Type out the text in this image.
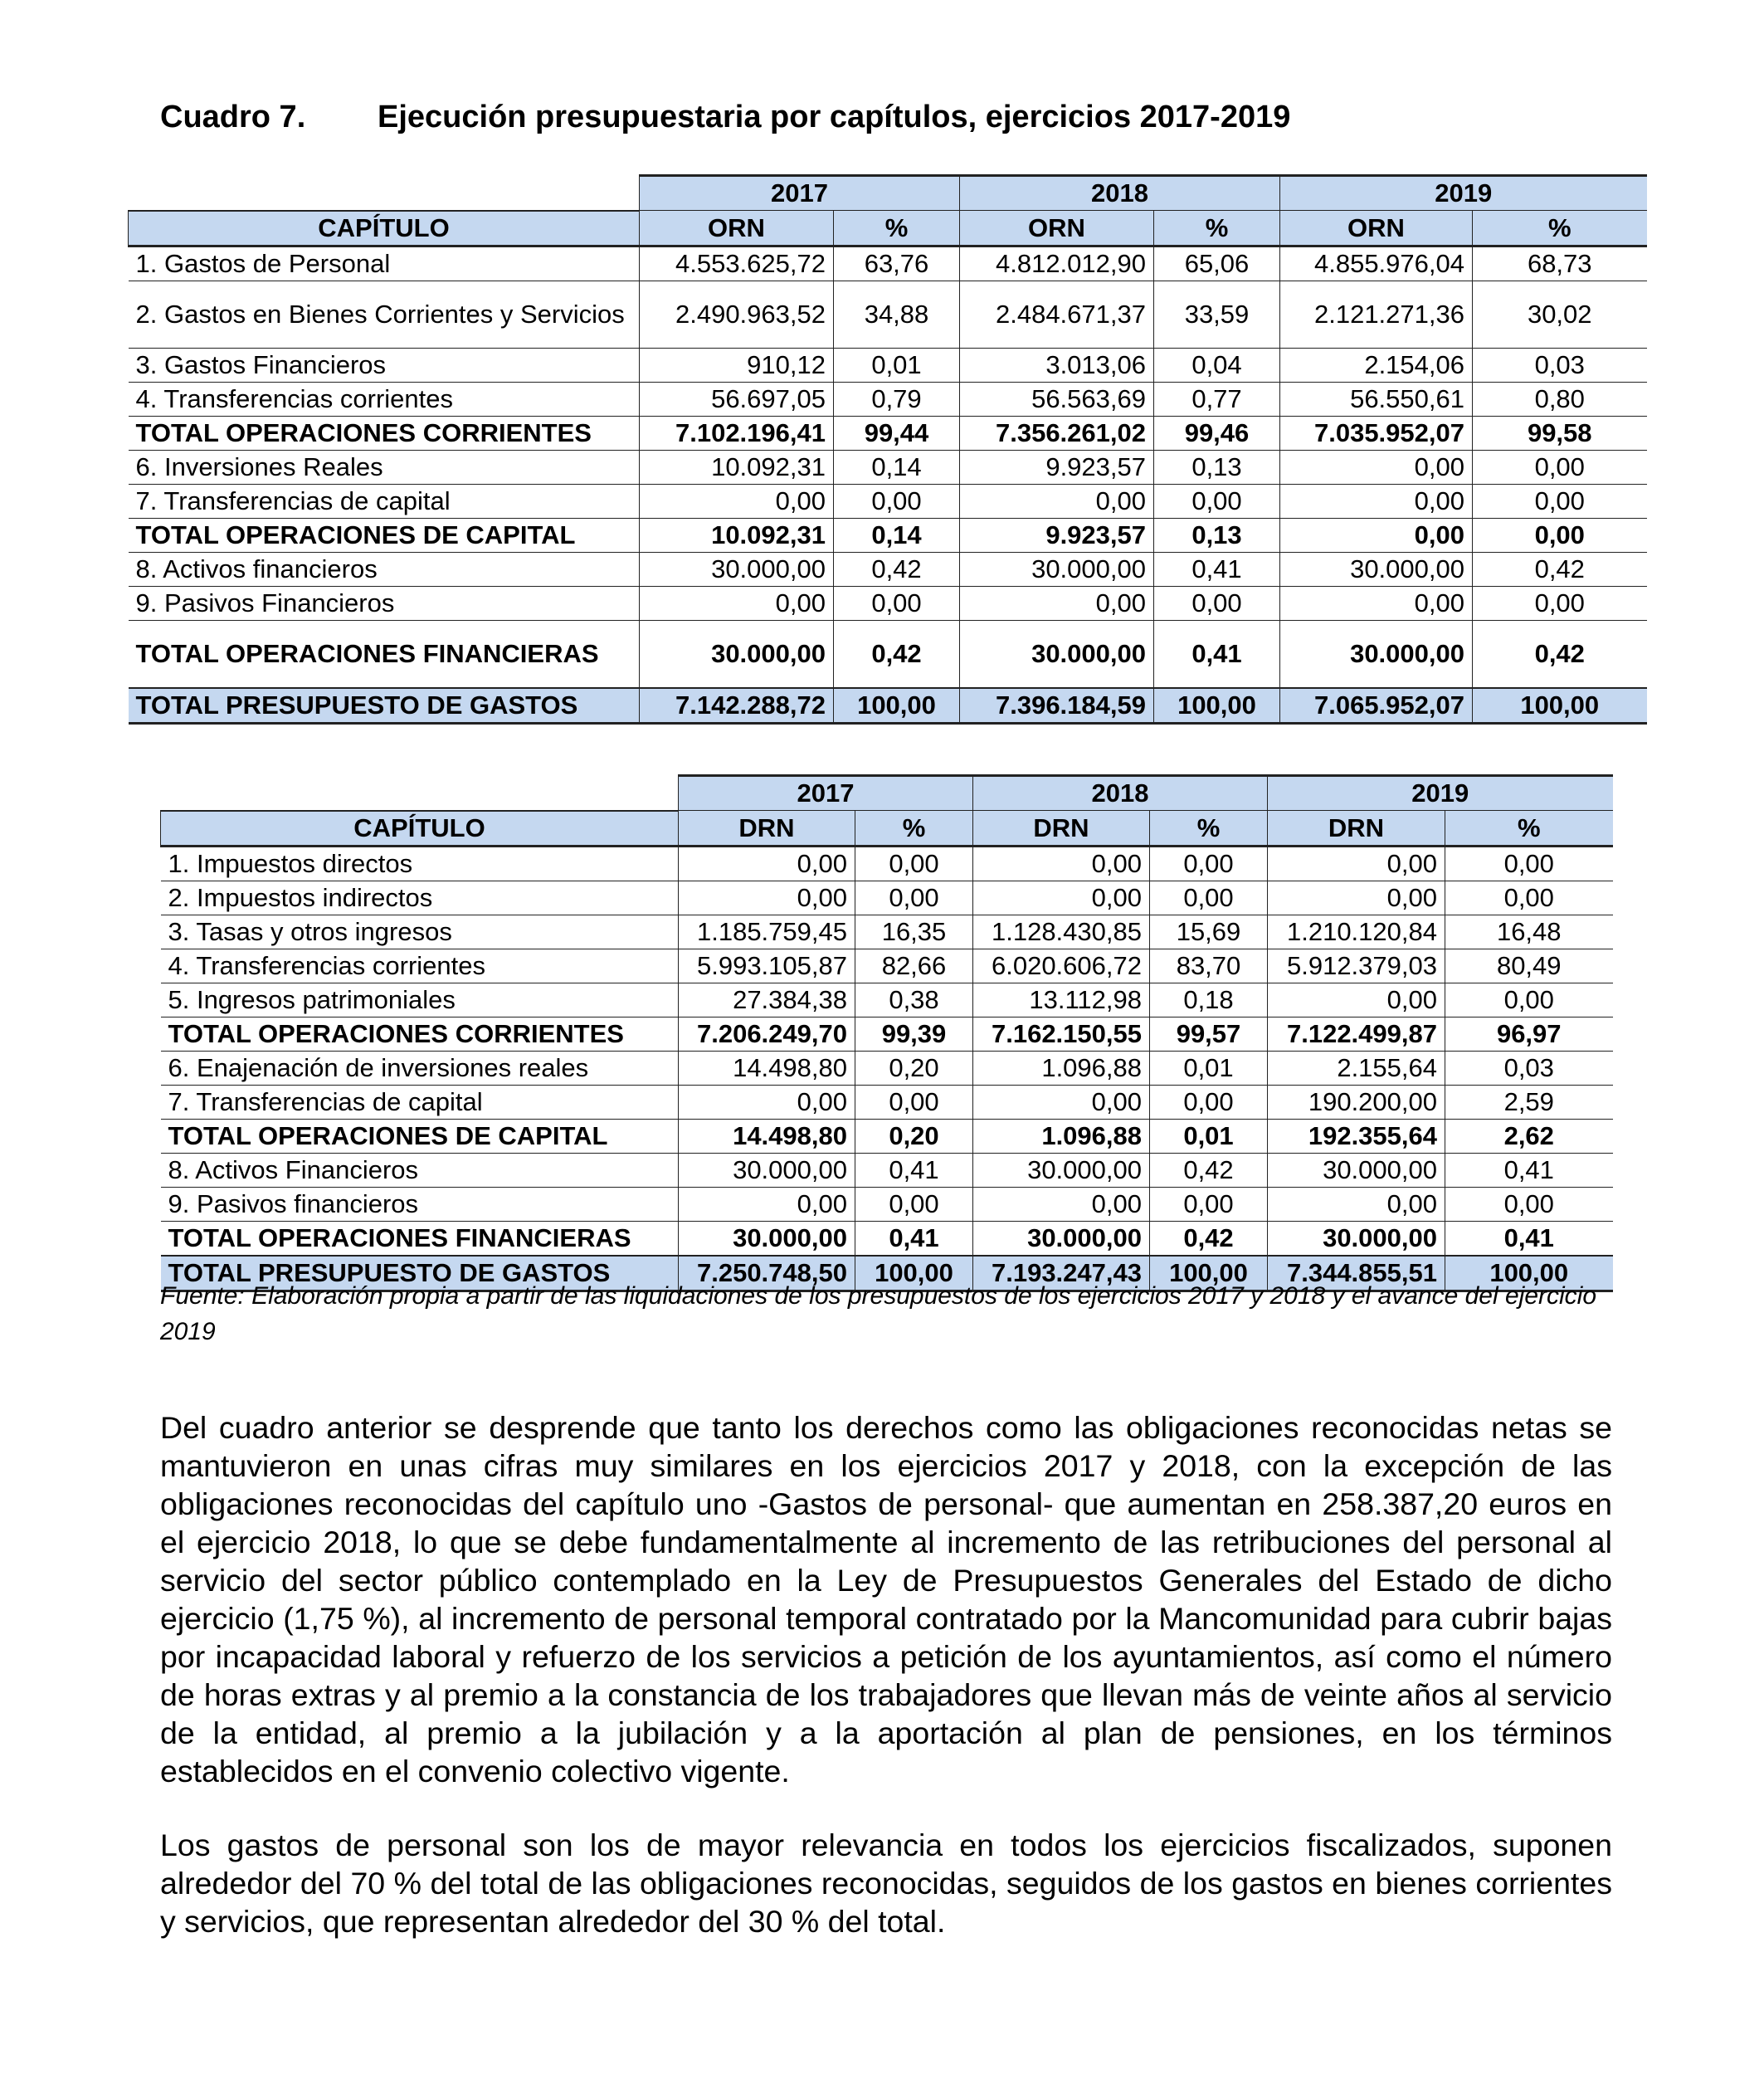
Cuadro 7. Ejecución presupuestaria por capítulos, ejercicios 2017-2019
	2017		2018		2019	
CAPÍTULO	ORN	%	ORN	%	ORN	%
1. Gastos de Personal	4.553.625,72	63,76	4.812.012,90	65,06	4.855.976,04	68,73
2. Gastos en Bienes Corrientes y Servicios	2.490.963,52	34,88	2.484.671,37	33,59	2.121.271,36	30,02
3. Gastos Financieros	910,12	0,01	3.013,06	0,04	2.154,06	0,03
4. Transferencias corrientes	56.697,05	0,79	56.563,69	0,77	56.550,61	0,80
TOTAL OPERACIONES CORRIENTES	7.102.196,41	99,44	7.356.261,02	99,46	7.035.952,07	99,58
6. Inversiones Reales	10.092,31	0,14	9.923,57	0,13	0,00	0,00
7. Transferencias de capital	0,00	0,00	0,00	0,00	0,00	0,00
TOTAL OPERACIONES DE CAPITAL	10.092,31	0,14	9.923,57	0,13	0,00	0,00
8. Activos financieros	30.000,00	0,42	30.000,00	0,41	30.000,00	0,42
9. Pasivos Financieros	0,00	0,00	0,00	0,00	0,00	0,00
TOTAL OPERACIONES FINANCIERAS	30.000,00	0,42	30.000,00	0,41	30.000,00	0,42
TOTAL PRESUPUESTO DE GASTOS	7.142.288,72	100,00	7.396.184,59	100,00	7.065.952,07	100,00
	2017		2018		2019	
CAPÍTULO	DRN	%	DRN	%	DRN	%
1. Impuestos directos	0,00	0,00	0,00	0,00	0,00	0,00
2. Impuestos indirectos	0,00	0,00	0,00	0,00	0,00	0,00
3. Tasas y otros ingresos	1.185.759,45	16,35	1.128.430,85	15,69	1.210.120,84	16,48
4. Transferencias corrientes	5.993.105,87	82,66	6.020.606,72	83,70	5.912.379,03	80,49
5. Ingresos patrimoniales	27.384,38	0,38	13.112,98	0,18	0,00	0,00
TOTAL OPERACIONES CORRIENTES	7.206.249,70	99,39	7.162.150,55	99,57	7.122.499,87	96,97
6. Enajenación de inversiones reales	14.498,80	0,20	1.096,88	0,01	2.155,64	0,03
7. Transferencias de capital	0,00	0,00	0,00	0,00	190.200,00	2,59
TOTAL OPERACIONES DE CAPITAL	14.498,80	0,20	1.096,88	0,01	192.355,64	2,62
8. Activos Financieros	30.000,00	0,41	30.000,00	0,42	30.000,00	0,41
9. Pasivos financieros	0,00	0,00	0,00	0,00	0,00	0,00
TOTAL OPERACIONES FINANCIERAS	30.000,00	0,41	30.000,00	0,42	30.000,00	0,41
TOTAL PRESUPUESTO DE GASTOS	7.250.748,50	100,00	7.193.247,43	100,00	7.344.855,51	100,00
Fuente: Elaboración propia a partir de las liquidaciones de los presupuestos de los ejercicios 2017 y 2018 y el avance del ejercicio 2019
Del cuadro anterior se desprende que tanto los derechos como las obligaciones reconocidas netas se mantuvieron en unas cifras muy similares en los ejercicios 2017 y 2018, con la excepción de las obligaciones reconocidas del capítulo uno -Gastos de personal- que aumentan en 258.387,20 euros en el ejercicio 2018, lo que se debe fundamentalmente al incremento de las retribuciones del personal al servicio del sector público contemplado en la Ley de Presupuestos Generales del Estado de dicho ejercicio (1,75 %), al incremento de personal temporal contratado por la Mancomunidad para cubrir bajas por incapacidad laboral y refuerzo de los servicios a petición de los ayuntamientos, así como el número de horas extras y al premio a la constancia de los trabajadores que llevan más de veinte años al servicio de la entidad, al premio a la jubilación y a la aportación al plan de pensiones, en los términos establecidos en el convenio colectivo vigente.
Los gastos de personal son los de mayor relevancia en todos los ejercicios fiscalizados, suponen alrededor del 70 % del total de las obligaciones reconocidas, seguidos de los gastos en bienes corrientes y servicios, que representan alrededor del 30 % del total.
